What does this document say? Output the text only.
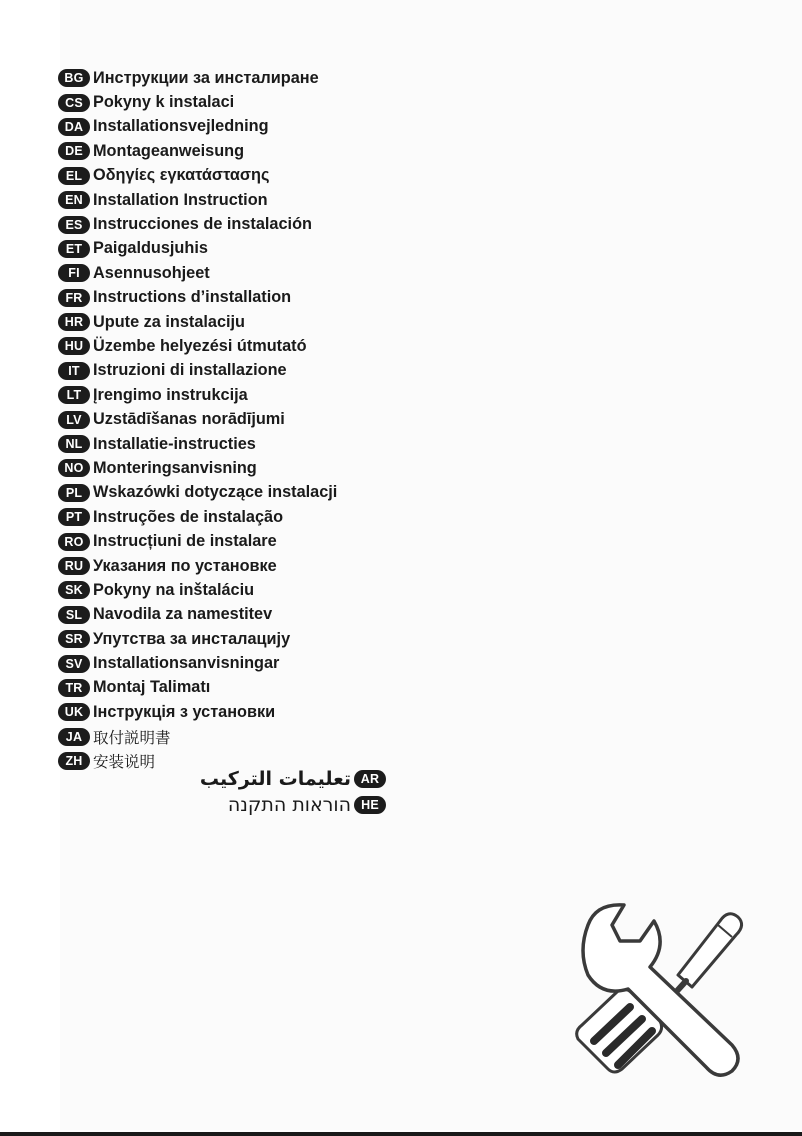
BG Инструкции за инсталиране
CS Pokyny k instalaci
DA Installationsvejledning
DE Montageanweisung
EL Οδηγίες εγκατάστασης
EN Installation Instruction
ES Instrucciones de instalación
ET Paigaldusjuhis
FI Asennusohjeet
FR Instructions d’installation
HR Upute za instalaciju
HU Üzembe helyezési útmutató
IT Istruzioni di installazione
LT Įrengimo instrukcija
LV Uzstādīšanas norādījumi
NL Installatie-instructies
NO Monteringsanvisning
PL Wskazówki dotyczące instalacji
PT Instruções de instalação
RO Instrucțiuni de instalare
RU Указания по установке
SK Pokyny na inštaláciu
SL Navodila za namestitev
SR Упутства за инсталацију
SV Installationsanvisningar
TR Montaj Talimatı
UK Інструкція з установки
JA 取付説明書
ZH 安装说明
تعليمات التركيب AR
הוראות התקנה HE
